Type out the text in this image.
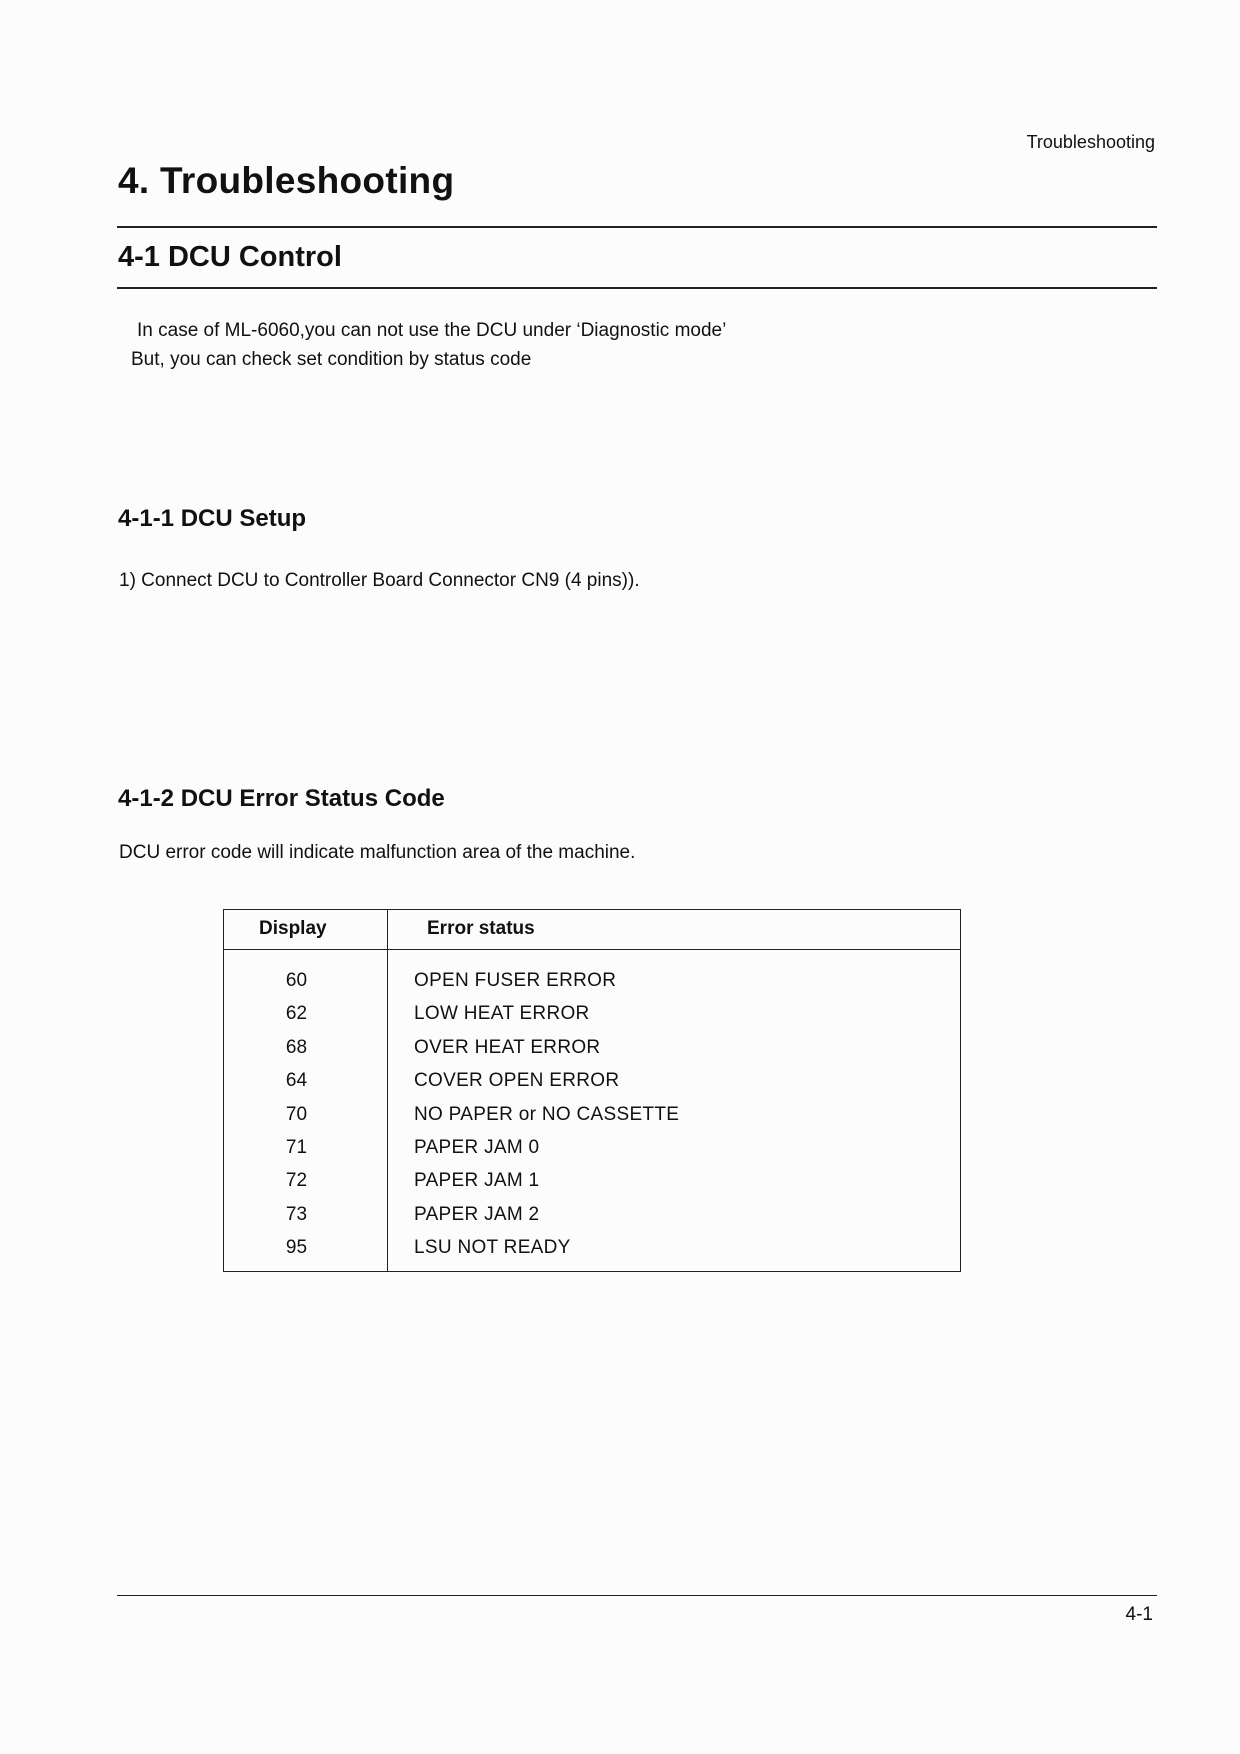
Troubleshooting
4. Troubleshooting
4-1 DCU Control

In case of ML-6060,you can not use the DCU under ‘Diagnostic mode’

But, you can check set condition by status code

4-1-1 DCU Setup

1) Connect DCU to Controller Board Connector CN9 (4 pins)).

4-1-2 DCU Error Status Code

DCU error code will indicate malfunction area of the machine.

Display	Error status
60	OPEN FUSER ERROR
62	LOW HEAT ERROR
68	OVER HEAT ERROR
64	COVER OPEN ERROR
70	NO PAPER or NO CASSETTE
71	PAPER JAM 0
72	PAPER JAM 1
73	PAPER JAM 2
95	LSU NOT READY
4-1
